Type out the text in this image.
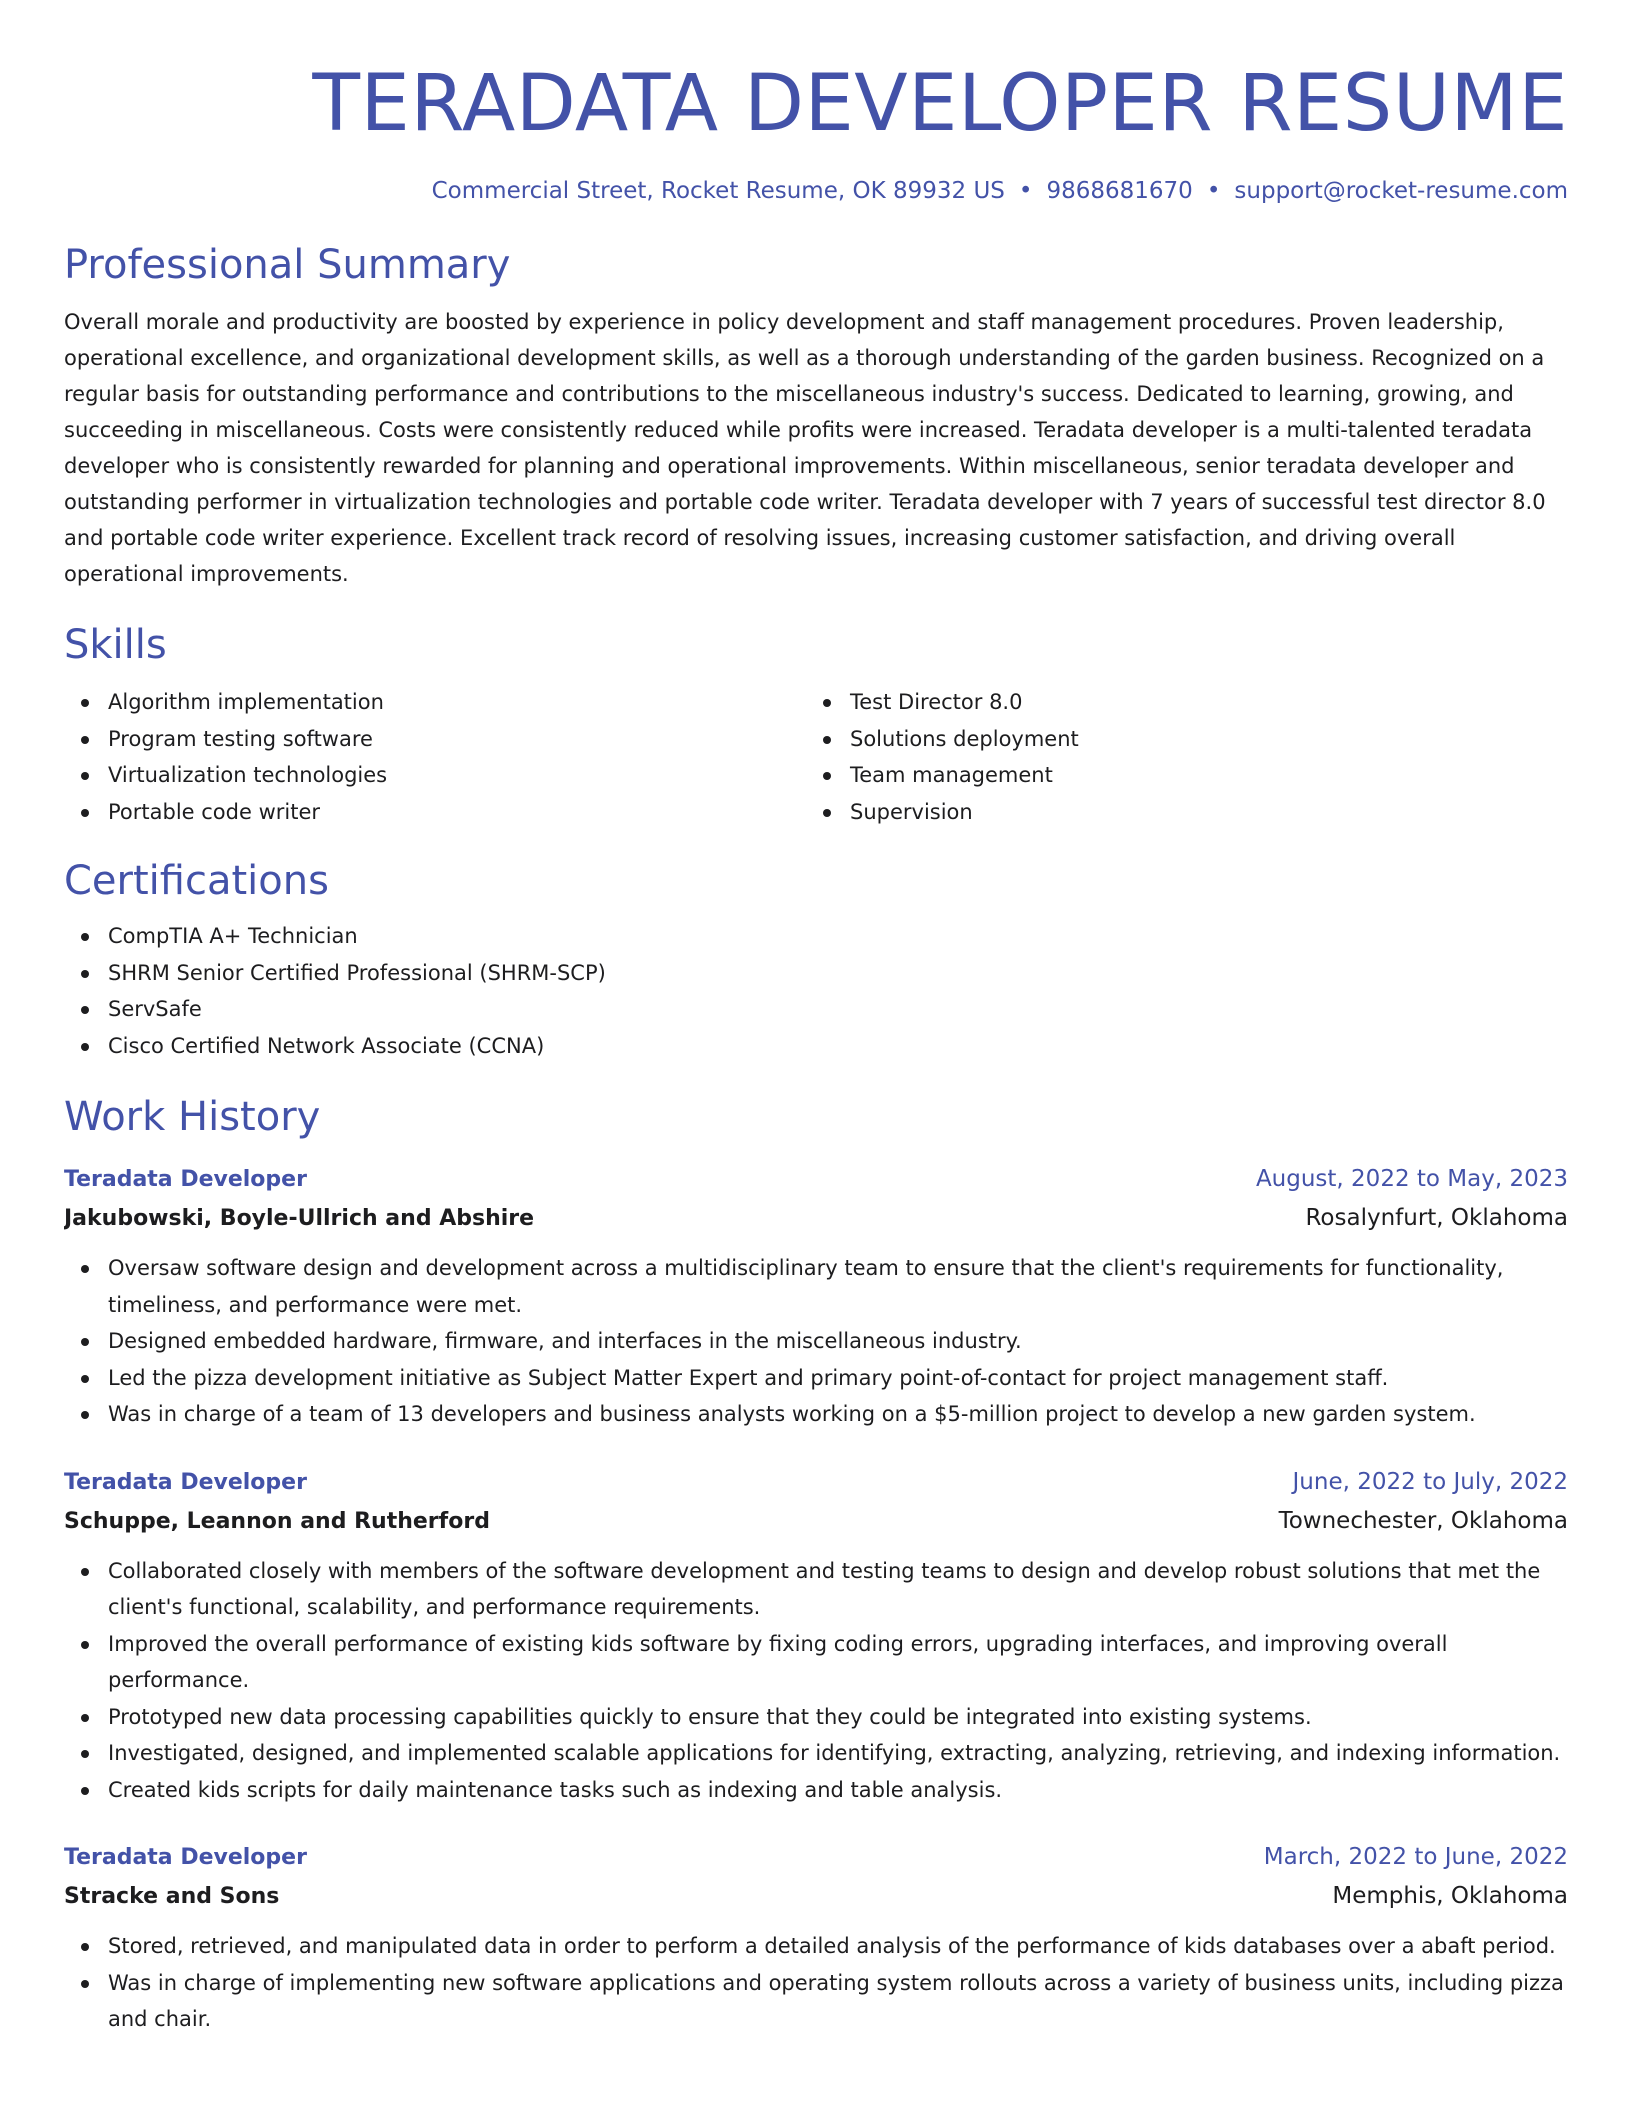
TERADATA DEVELOPER RESUME
Commercial Street, Rocket Resume, OK 89932 US • 9868681670 • support@rocket-resume.com
Professional Summary

Overall morale and productivity are boosted by experience in policy development and staff management procedures. Proven leadership, operational excellence, and organizational development skills, as well as a thorough understanding of the garden business. Recognized on a regular basis for outstanding performance and contributions to the miscellaneous industry's success. Dedicated to learning, growing, and succeeding in miscellaneous. Costs were consistently reduced while profits were increased. Teradata developer is a multi-talented teradata developer who is consistently rewarded for planning and operational improvements. Within miscellaneous, senior teradata developer and outstanding performer in virtualization technologies and portable code writer. Teradata developer with 7 years of successful test director 8.0 and portable code writer experience. Excellent track record of resolving issues, increasing customer satisfaction, and driving overall operational improvements.

Skills
Algorithm implementation
Program testing software
Virtualization technologies
Portable code writer
Test Director 8.0
Solutions deployment
Team management
Supervision
Certifications
CompTIA A+ Technician
SHRM Senior Certified Professional (SHRM-SCP)
ServSafe
Cisco Certified Network Associate (CCNA)
Work History
Teradata Developer	August, 2022 to May, 2023
Jakubowski, Boyle-Ullrich and Abshire	Rosalynfurt, Oklahoma
Oversaw software design and development across a multidisciplinary team to ensure that the client's requirements for functionality, timeliness, and performance were met.
Designed embedded hardware, firmware, and interfaces in the miscellaneous industry.
Led the pizza development initiative as Subject Matter Expert and primary point-of-contact for project management staff.
Was in charge of a team of 13 developers and business analysts working on a $5-million project to develop a new garden system.
Teradata Developer	June, 2022 to July, 2022
Schuppe, Leannon and Rutherford	Townechester, Oklahoma
Collaborated closely with members of the software development and testing teams to design and develop robust solutions that met the client's functional, scalability, and performance requirements.
Improved the overall performance of existing kids software by fixing coding errors, upgrading interfaces, and improving overall performance.
Prototyped new data processing capabilities quickly to ensure that they could be integrated into existing systems.
Investigated, designed, and implemented scalable applications for identifying, extracting, analyzing, retrieving, and indexing information.
Created kids scripts for daily maintenance tasks such as indexing and table analysis.
Teradata Developer	March, 2022 to June, 2022
Stracke and Sons	Memphis, Oklahoma
Stored, retrieved, and manipulated data in order to perform a detailed analysis of the performance of kids databases over a abaft period.
Was in charge of implementing new software applications and operating system rollouts across a variety of business units, including pizza and chair.
